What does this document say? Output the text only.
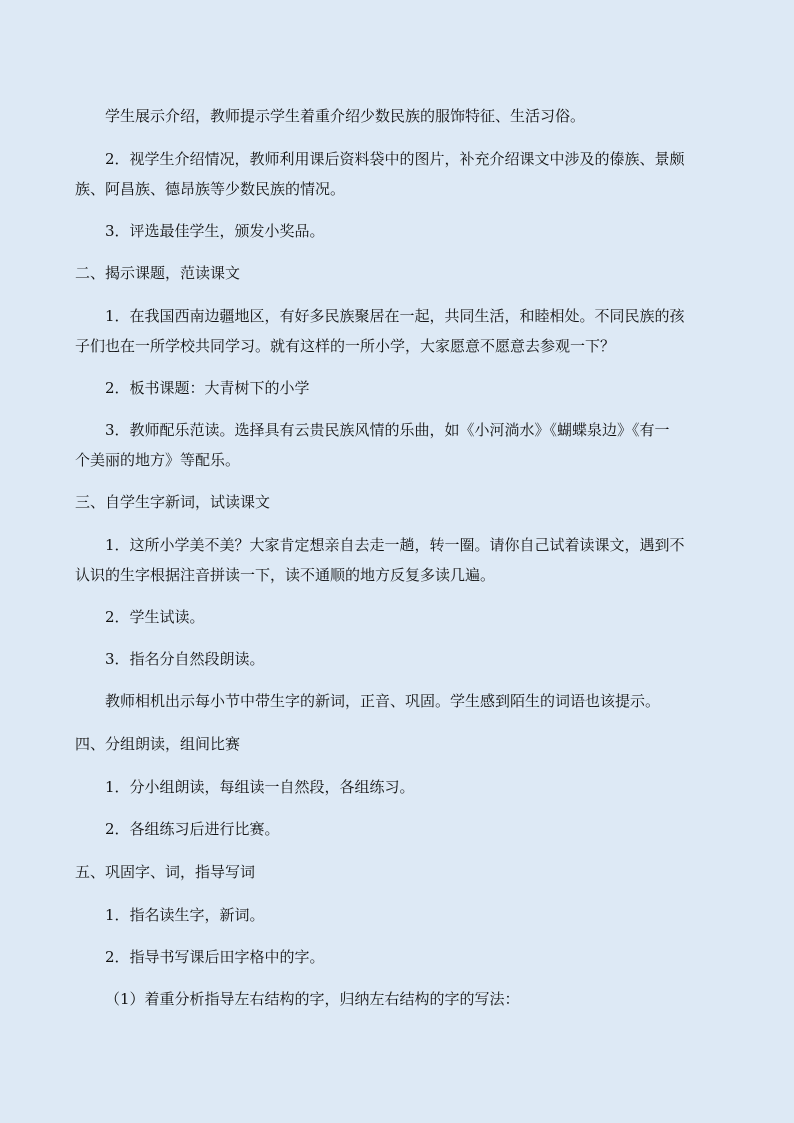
学生展示介绍，教师提示学生着重介绍少数民族的服饰特征、生活习俗。
2．视学生介绍情况，教师利用课后资料袋中的图片，补充介绍课文中涉及的傣族、景颇
族、阿昌族、德昂族等少数民族的情况。
3．评选最佳学生，颁发小奖品。
二、揭示课题，范读课文
1．在我国西南边疆地区，有好多民族聚居在一起，共同生活，和睦相处。不同民族的孩
子们也在一所学校共同学习。就有这样的一所小学，大家愿意不愿意去参观一下？
2．板书课题：大青树下的小学
3．教师配乐范读。选择具有云贵民族风情的乐曲，如《小河淌水》《蝴蝶泉边》《有一
个美丽的地方》等配乐。
三、自学生字新词，试读课文
1．这所小学美不美？大家肯定想亲自去走一趟，转一圈。请你自己试着读课文，遇到不
认识的生字根据注音拼读一下，读不通顺的地方反复多读几遍。
2．学生试读。
3．指名分自然段朗读。
教师相机出示每小节中带生字的新词，正音、巩固。学生感到陌生的词语也该提示。
四、分组朗读，组间比赛
1．分小组朗读，每组读一自然段，各组练习。
2．各组练习后进行比赛。
五、巩固字、词，指导写词
1．指名读生字，新词。
2．指导书写课后田字格中的字。
（1）着重分析指导左右结构的字，归纳左右结构的字的写法：
